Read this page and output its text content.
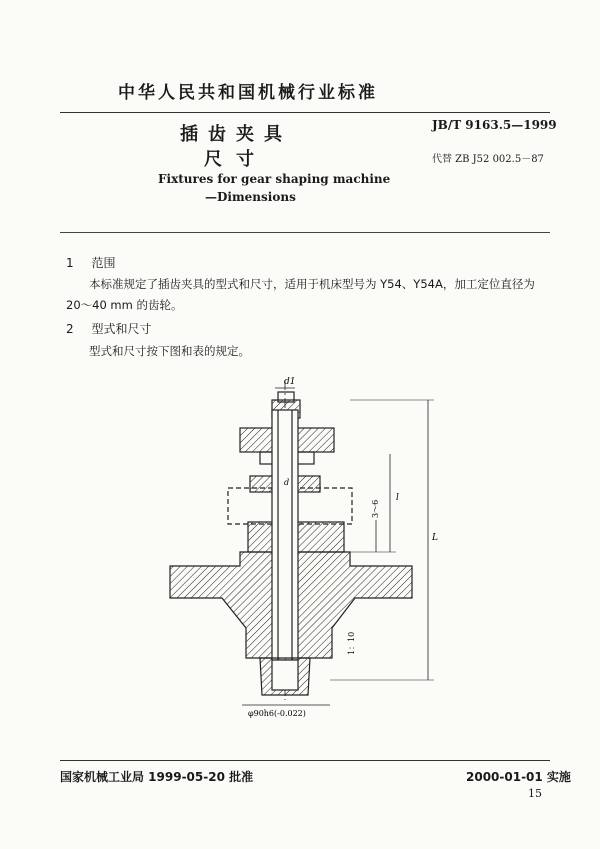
中华人民共和国机械行业标准
JB/T 9163.5—1999
插齿夹具
尺寸	代替 ZB J52 002.5－87
Fixtures for gear shaping machine
—Dimensions
1 范围
本标准规定了插齿夹具的型式和尺寸，适用于机床型号为 Y54、Y54A，加工定位直径为 20～40 mm 的齿轮。
2 型式和尺寸
型式和尺寸按下图和表的规定。
d1
d
l
L
3～6
1：10
φ90h6(-0.022)
国家机械工业局 1999-05-20 批准	2000-01-01 实施
15
